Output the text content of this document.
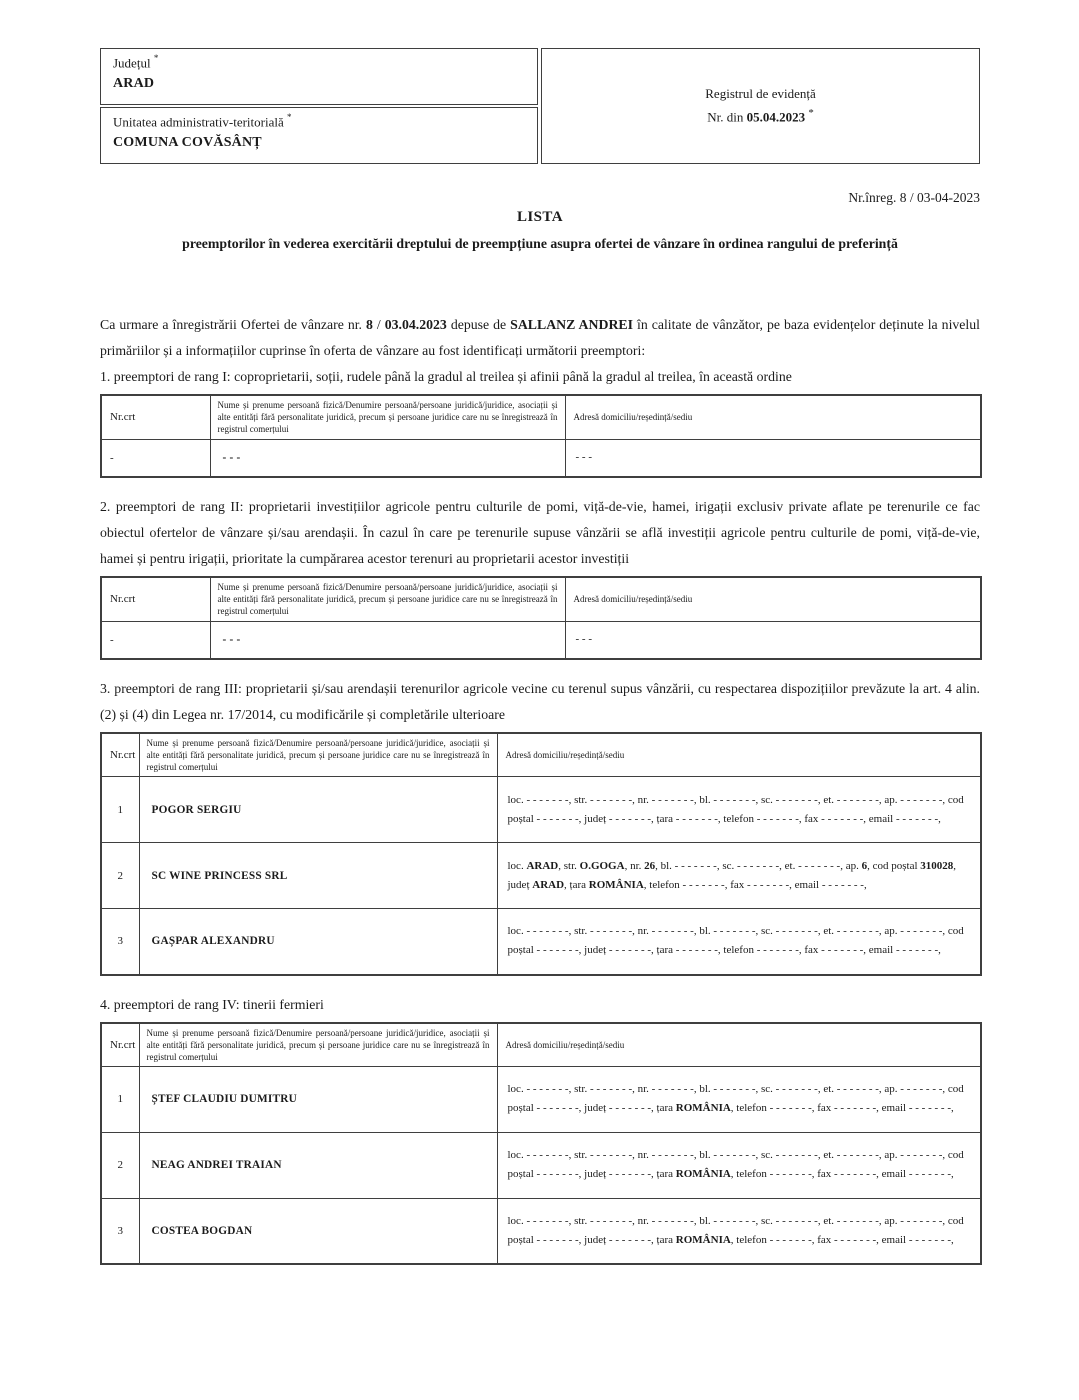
Județul *
ARAD
Unitatea administrativ-teritorială *
COMUNA COVĂSÂNȚ
Registrul de evidență
Nr. din 05.04.2023 *
Nr.înreg. 8 / 03-04-2023
LISTA
preemptorilor în vederea exercitării dreptului de preempțiune asupra ofertei de vânzare în ordinea rangului de preferință

Ca urmare a înregistrării Ofertei de vânzare nr. 8 / 03.04.2023 depuse de SALLANZ ANDREI în calitate de vânzător, pe baza evidențelor deținute la nivelul primăriilor și a informațiilor cuprinse în oferta de vânzare au fost identificați următorii preemptori:

1. preemptori de rang I: coproprietarii, soții, rudele până la gradul al treilea și afinii până la gradul al treilea, în această ordine
Nr.crt	Nume și prenume persoană fizică/Denumire persoană/persoane juridică/juridice, asociații și alte entități fără personalitate juridică, precum și persoane juridice care nu se înregistrează în registrul comerțului	Adresă domiciliu/reședință/sediu
-	- - -	- - -
2. preemptori de rang II: proprietarii investițiilor agricole pentru culturile de pomi, viță-de-vie, hamei, irigații exclusiv private aflate pe terenurile ce fac obiectul ofertelor de vânzare și/sau arendașii. În cazul în care pe terenurile supuse vânzării se află investiții agricole pentru culturile de pomi, viță-de-vie, hamei și pentru irigații, prioritate la cumpărarea acestor terenuri au proprietarii acestor investiții
Nr.crt	Nume și prenume persoană fizică/Denumire persoană/persoane juridică/juridice, asociații și alte entități fără personalitate juridică, precum și persoane juridice care nu se înregistrează în registrul comerțului	Adresă domiciliu/reședință/sediu
-	- - -	- - -
3. preemptori de rang III: proprietarii și/sau arendașii terenurilor agricole vecine cu terenul supus vânzării, cu respectarea dispozițiilor prevăzute la art. 4 alin. (2) și (4) din Legea nr. 17/2014, cu modificările și completările ulterioare
Nr.crt	Nume și prenume persoană fizică/Denumire persoană/persoane juridică/juridice, asociații și alte entități fără personalitate juridică, precum și persoane juridice care nu se înregistrează în registrul comerțului	Adresă domiciliu/reședință/sediu
1	POGOR SERGIU	loc. - - - - - - -, str. - - - - - - -, nr. - - - - - - -, bl. - - - - - - -, sc. - - - - - - -, et. - - - - - - -, ap. - - - - - - -, cod poștal - - - - - - -, județ - - - - - - -, țara - - - - - - -, telefon - - - - - - -, fax - - - - - - -, email - - - - - - -,
2	SC WINE PRINCESS SRL	loc. ARAD, str. O.GOGA, nr. 26, bl. - - - - - - -, sc. - - - - - - -, et. - - - - - - -, ap. 6, cod poștal 310028, județ ARAD, țara ROMÂNIA, telefon - - - - - - -, fax - - - - - - -, email - - - - - - -,
3	GAȘPAR ALEXANDRU	loc. - - - - - - -, str. - - - - - - -, nr. - - - - - - -, bl. - - - - - - -, sc. - - - - - - -, et. - - - - - - -, ap. - - - - - - -, cod poștal - - - - - - -, județ - - - - - - -, țara - - - - - - -, telefon - - - - - - -, fax - - - - - - -, email - - - - - - -,
4. preemptori de rang IV: tinerii fermieri
Nr.crt	Nume și prenume persoană fizică/Denumire persoană/persoane juridică/juridice, asociații și alte entități fără personalitate juridică, precum și persoane juridice care nu se înregistrează în registrul comerțului	Adresă domiciliu/reședință/sediu
1	ȘTEF CLAUDIU DUMITRU	loc. - - - - - - -, str. - - - - - - -, nr. - - - - - - -, bl. - - - - - - -, sc. - - - - - - -, et. - - - - - - -, ap. - - - - - - -, cod poștal - - - - - - -, județ - - - - - - -, țara ROMÂNIA, telefon - - - - - - -, fax - - - - - - -, email - - - - - - -,
2	NEAG ANDREI TRAIAN	loc. - - - - - - -, str. - - - - - - -, nr. - - - - - - -, bl. - - - - - - -, sc. - - - - - - -, et. - - - - - - -, ap. - - - - - - -, cod poștal - - - - - - -, județ - - - - - - -, țara ROMÂNIA, telefon - - - - - - -, fax - - - - - - -, email - - - - - - -,
3	COSTEA BOGDAN	loc. - - - - - - -, str. - - - - - - -, nr. - - - - - - -, bl. - - - - - - -, sc. - - - - - - -, et. - - - - - - -, ap. - - - - - - -, cod poștal - - - - - - -, județ - - - - - - -, țara ROMÂNIA, telefon - - - - - - -, fax - - - - - - -, email - - - - - - -,
